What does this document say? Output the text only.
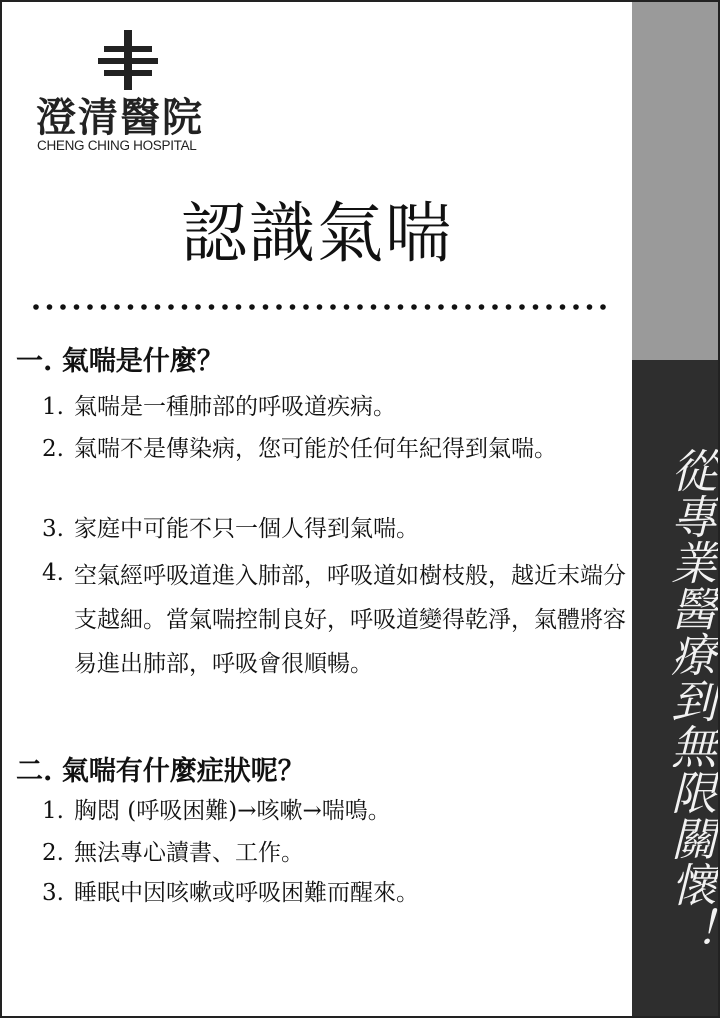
澄清醫院
CHENG CHING HOSPITAL
認識氣喘
一. 氣喘是什麼？
1. 氣喘是一種肺部的呼吸道疾病。
2. 氣喘不是傳染病，您可能於任何年紀得到氣喘。
3. 家庭中可能不只一個人得到氣喘。
4. 空氣經呼吸道進入肺部，呼吸道如樹枝般，越近末端分支越細。當氣喘控制良好，呼吸道變得乾淨，氣體將容易進出肺部，呼吸會很順暢。
二. 氣喘有什麼症狀呢？
1. 胸悶 (呼吸困難)→咳嗽→喘鳴。
2. 無法專心讀書、工作。
3. 睡眠中因咳嗽或呼吸困難而醒來。	從專業醫療到無限關懷！
